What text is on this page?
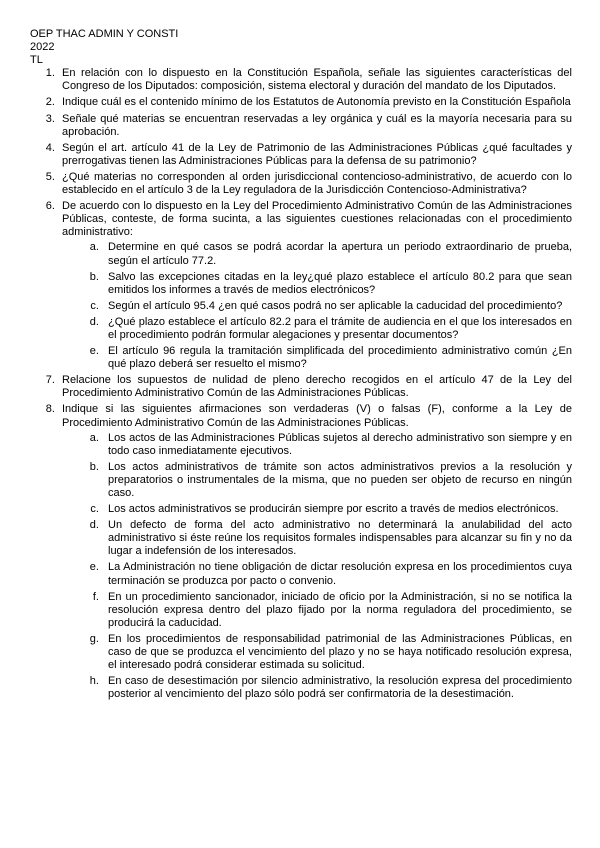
OEP THAC ADMIN Y CONSTI
2022
TL
1. En relación con lo dispuesto en la Constitución Española, señale las siguientes características del Congreso de los Diputados: composición, sistema electoral y duración del mandato de los Diputados.
2. Indique cuál es el contenido mínimo de los Estatutos de Autonomía previsto en la Constitución Española
3. Señale qué materias se encuentran reservadas a ley orgánica y cuál es la mayoría necesaria para su aprobación.
4. Según el art. artículo 41 de la Ley de Patrimonio de las Administraciones Públicas ¿qué facultades y prerrogativas tienen las Administraciones Públicas para la defensa de su patrimonio?
5. ¿Qué materias no corresponden al orden jurisdiccional contencioso-administrativo, de acuerdo con lo establecido en el artículo 3 de la Ley reguladora de la Jurisdicción Contencioso-Administrativa?
6. De acuerdo con lo dispuesto en la Ley del Procedimiento Administrativo Común de las Administraciones Públicas, conteste, de forma sucinta, a las siguientes cuestiones relacionadas con el procedimiento administrativo:
a. Determine en qué casos se podrá acordar la apertura un periodo extraordinario de prueba, según el artículo 77.2.
b. Salvo las excepciones citadas en la ley¿qué plazo establece el artículo 80.2 para que sean emitidos los informes a través de medios electrónicos?
c. Según el artículo 95.4 ¿en qué casos podrá no ser aplicable la caducidad del procedimiento?
d. ¿Qué plazo establece el artículo 82.2 para el trámite de audiencia en el que los interesados en el procedimiento podrán formular alegaciones y presentar documentos?
e. El artículo 96 regula la tramitación simplificada del procedimiento administrativo común ¿En qué plazo deberá ser resuelto el mismo?
7. Relacione los supuestos de nulidad de pleno derecho recogidos en el artículo 47 de la Ley del Procedimiento Administrativo Común de las Administraciones Públicas.
8. Indique si las siguientes afirmaciones son verdaderas (V) o falsas (F), conforme a la Ley de Procedimiento Administrativo Común de las Administraciones Públicas.
a. Los actos de las Administraciones Públicas sujetos al derecho administrativo son siempre y en todo caso inmediatamente ejecutivos.
b. Los actos administrativos de trámite son actos administrativos previos a la resolución y preparatorios o instrumentales de la misma, que no pueden ser objeto de recurso en ningún caso.
c. Los actos administrativos se producirán siempre por escrito a través de medios electrónicos.
d. Un defecto de forma del acto administrativo no determinará la anulabilidad del acto administrativo si éste reúne los requisitos formales indispensables para alcanzar su fin y no da lugar a indefensión de los interesados.
e. La Administración no tiene obligación de dictar resolución expresa en los procedimientos cuya terminación se produzca por pacto o convenio.
f. En un procedimiento sancionador, iniciado de oficio por la Administración, si no se notifica la resolución expresa dentro del plazo fijado por la norma reguladora del procedimiento, se producirá la caducidad.
g. En los procedimientos de responsabilidad patrimonial de las Administraciones Públicas, en caso de que se produzca el vencimiento del plazo y no se haya notificado resolución expresa, el interesado podrá considerar estimada su solicitud.
h. En caso de desestimación por silencio administrativo, la resolución expresa del procedimiento posterior al vencimiento del plazo sólo podrá ser confirmatoria de la desestimación.
